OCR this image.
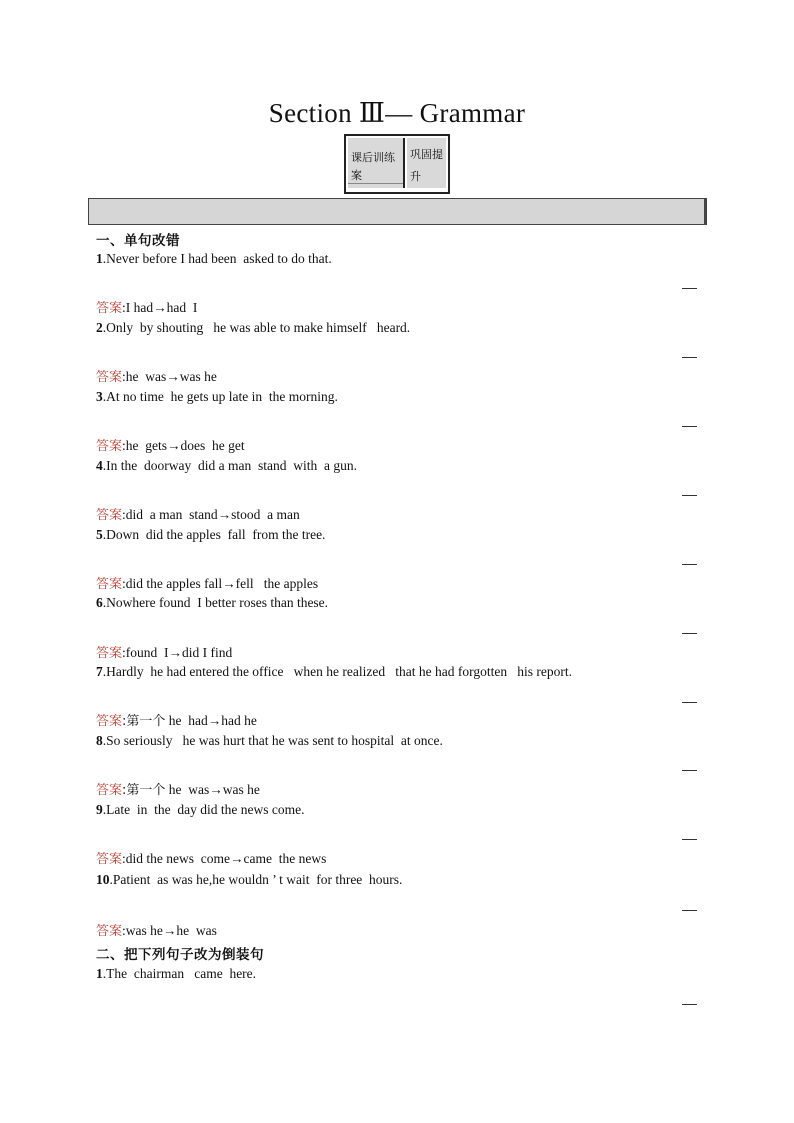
Section Ⅲ— Grammar
课后训练案
巩固提升
一、单句改错
1.Never before I had been  asked to do that.
答案:I had→had  I
2.Only  by shouting   he was able to make himself   heard.
答案:he  was→was he
3.At no time  he gets up late in  the morning.
答案:he  gets→does  he get
4.In the  doorway  did a man  stand  with  a gun.
答案:did  a man  stand→stood  a man
5.Down  did the apples  fall  from the tree.
答案:did the apples fall→fell   the apples
6.Nowhere found  I better roses than these.
答案:found  I→did I find
7.Hardly  he had entered the office   when he realized   that he had forgotten   his report.
答案:第一个 he  had→had he
8.So seriously   he was hurt that he was sent to hospital  at once.
答案:第一个 he  was→was he
9.Late  in  the  day did the news come.
答案:did the news  come→came  the news
10.Patient  as was he,he wouldn ’ t wait  for three  hours.
答案:was he→he  was
二、把下列句子改为倒装句
1.The  chairman   came  here.
